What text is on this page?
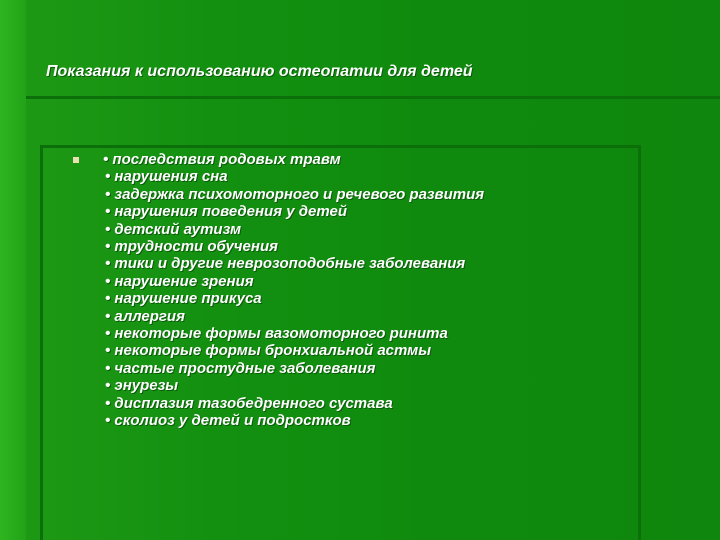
Показания к использованию остеопатии для детей
• последствия родовых травм
• нарушения сна
• задержка психомоторного и речевого развития
• нарушения поведения у детей
• детский аутизм
• трудности обучения
• тики и другие неврозоподобные заболевания
• нарушение зрения
• нарушение прикуса
• аллергия
• некоторые формы вазомоторного ринита
• некоторые формы бронхиальной астмы
• частые простудные заболевания
• энурезы
• дисплазия тазобедренного сустава
• сколиоз у детей и подростков
